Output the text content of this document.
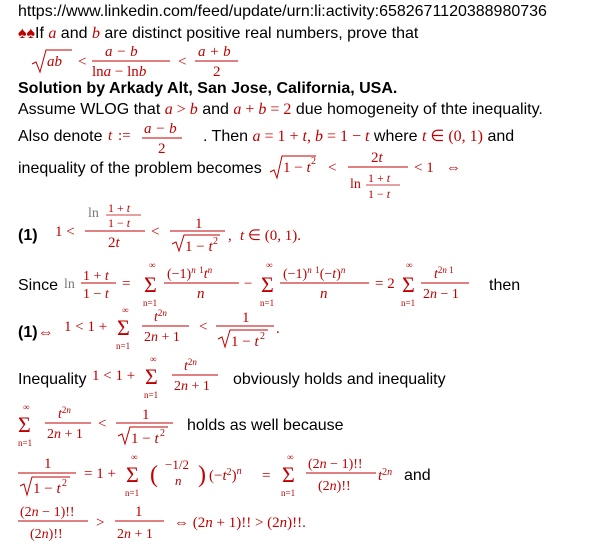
https://www.linkedin.com/feed/update/urn:li:activity:6582671120388980736
♠♠If a and b are distinct positive real numbers, prove that
ab <
a − b
lna − lnb
<
a + b
2
Solution by Arkady Alt, San Jose, California, USA.
Assume WLOG that a > b and a + b = 2 due homogeneity of thte inequality.
Also denote	. Then a = 1 + t, b = 1 − t where t ∈ (0, 1) and
t := a − b
2
inequality of the problem becomes 1 − t 2 <
2t
ln 1 + t
1 − t
< 1 ⇔
(1) 1 <
ln 1 + t
1 − t
2t
< 1
1 − t 2 , t ∈ (0, 1).
Since ln
1 + t
1 − t
=
∞
Σ
n=1
$(-1)^n$ $^1t^n$
n
−
∞
Σ
n=1
$(-1)^n$ $^1(-t)^n$
n
= 2
∞
Σ
n=1
$t^{2n 1}$
2n − 1
then
(1)⇔ 1 < 1 +
∞
Σ
n=1
$t^{2n}$
2n + 1
<
1
1 − t 2 .
Inequality 1 < 1 +
∞
Σ
n=1
$t^{2n}$
2n + 1 obviously holds and inequality
∞
Σ
n=1
$t^{2n}$
2n + 1
<
1
1 − t 2 holds as well because
1
1 − t 2
= 1 +
∞
Σ
n=1
( −1/2
n ) $(-t^2)^n$ =
∞
Σ
n=1
(2n − 1)!!
(2n)!!
$t^{2n}$ and
(2n − 1)!!
(2n)!!
>
1
2n + 1
⇔ (2n + 1)!! > (2n)!!.
